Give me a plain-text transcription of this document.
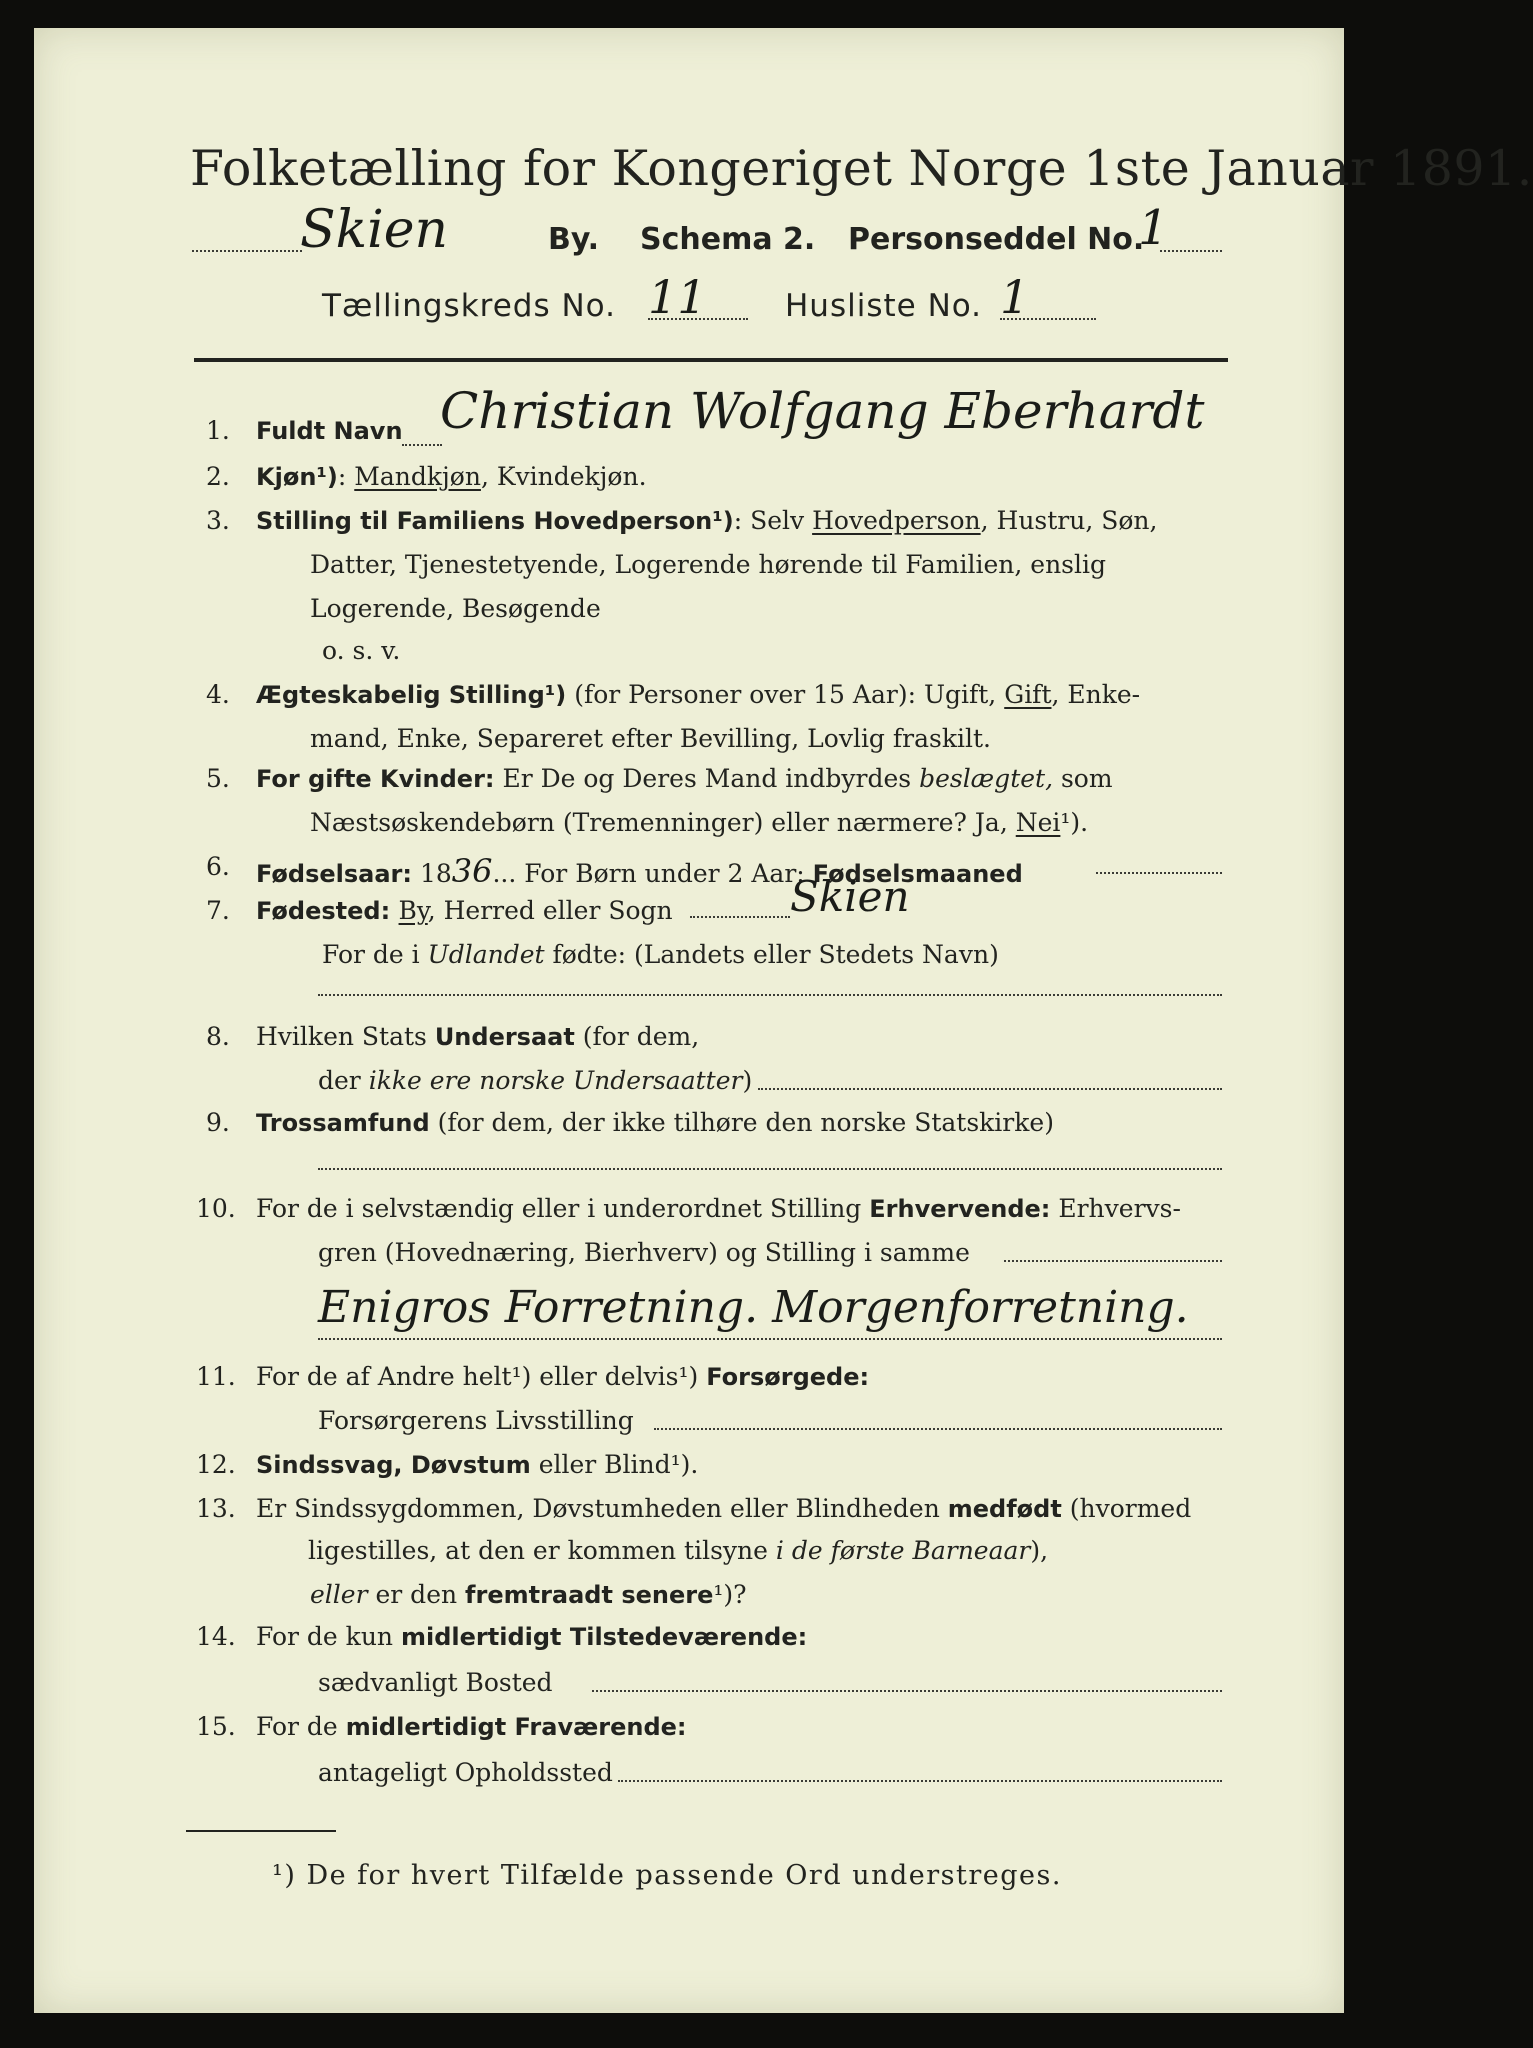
Folketælling for Kongeriget Norge 1ste Januar 1891.
Skien	By. Schema 2. Personseddel No.
1
Tællingskreds No. 11	Husliste No. 1
1. Fuldt Navn Christian Wolfgang Eberhardt
2. Kjøn¹): Mandkjøn, Kvindekjøn.
3. Stilling til Familiens Hovedperson¹): Selv Hovedperson, Hustru, Søn,
Datter, Tjenestetyende, Logerende hørende til Familien, enslig
Logerende, Besøgende
o. s. v.
4. Ægteskabelig Stilling¹) (for Personer over 15 Aar): Ugift, Gift, Enke-
mand, Enke, Separeret efter Bevilling, Lovlig fraskilt.
5. For gifte Kvinder: Er De og Deres Mand indbyrdes beslægtet, som
Næstsøskendebørn (Tremenninger) eller nærmere? Ja, Nei¹).
6. Fødselsaar: 1836... For Børn under 2 Aar: Fødselsmaaned
7. Fødested: By, Herred eller Sogn	Skien
For de i Udlandet fødte: (Landets eller Stedets Navn)
8. Hvilken Stats Undersaat (for dem,
der ikke ere norske Undersaatter)
9. Trossamfund (for dem, der ikke tilhøre den norske Statskirke)
10. For de i selvstændig eller i underordnet Stilling Erhvervende: Erhvervs-
gren (Hovednæring, Bierhverv) og Stilling i samme
Enigros Forretning. Morgenforretning.
11. For de af Andre helt¹) eller delvis¹) Forsørgede:
Forsørgerens Livsstilling
12. Sindssvag, Døvstum eller Blind¹).
13. Er Sindssygdommen, Døvstumheden eller Blindheden medfødt (hvormed
ligestilles, at den er kommen tilsyne i de første Barneaar),
eller er den fremtraadt senere¹)?
14. For de kun midlertidigt Tilstedeværende:
sædvanligt Bosted
15. For de midlertidigt Fraværende:
antageligt Opholdssted
¹) De for hvert Tilfælde passende Ord understreges.
